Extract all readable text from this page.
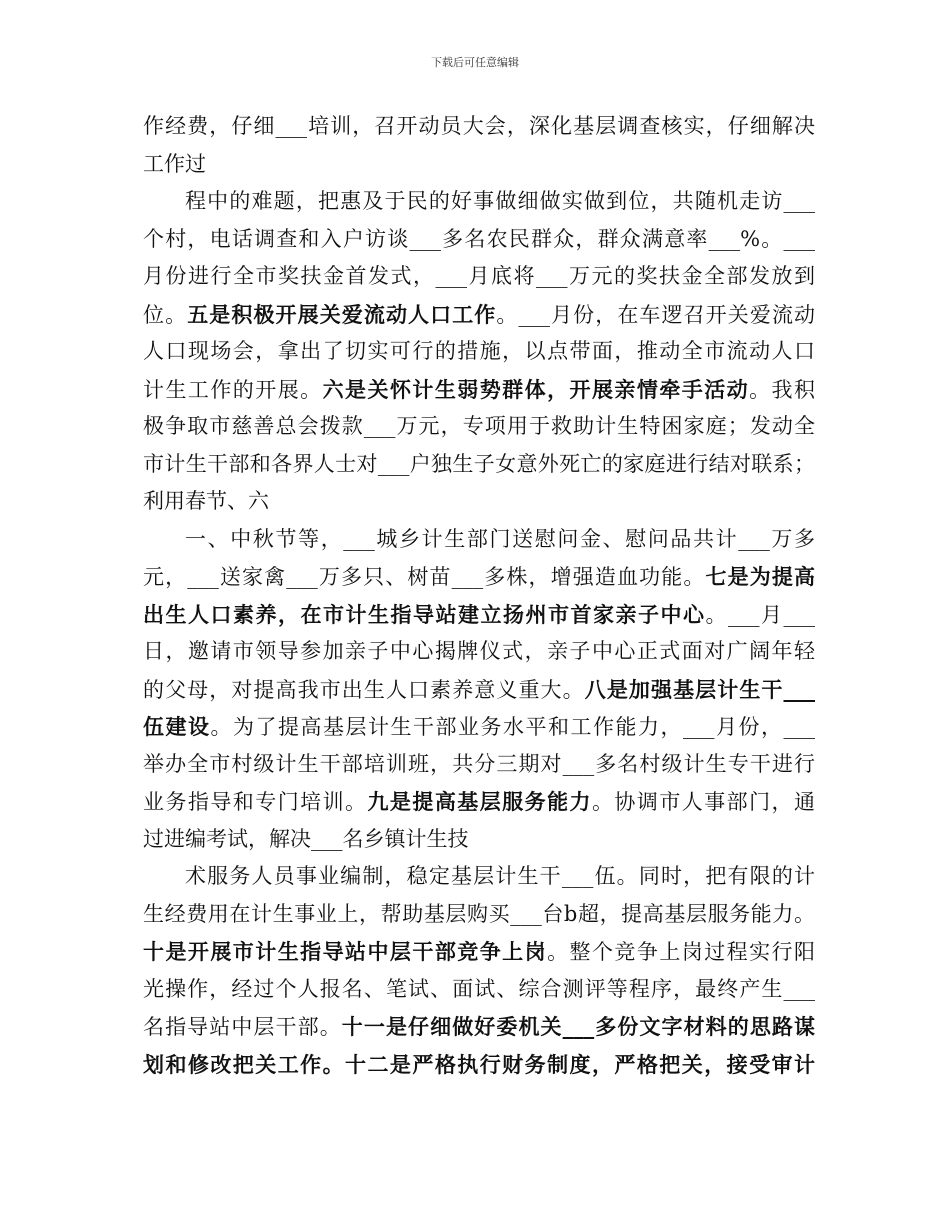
下载后可任意编辑
作经费，仔细___培训，召开动员大会，深化基层调查核实，仔细解决
工作过
程中的难题，把惠及于民的好事做细做实做到位，共随机走访___
个村，电话调查和入户访谈___多名农民群众，群众满意率___%。___
月份进行全市奖扶金首发式，___月底将___万元的奖扶金全部发放到
位。五是积极开展关爱流动人口工作。___月份，在车逻召开关爱流动
人口现场会，拿出了切实可行的措施，以点带面，推动全市流动人口
计生工作的开展。六是关怀计生弱势群体，开展亲情牵手活动。我积
极争取市慈善总会拨款___万元，专项用于救助计生特困家庭；发动全
市计生干部和各界人士对___户独生子女意外死亡的家庭进行结对联系；
利用春节、六
一、中秋节等，___城乡计生部门送慰问金、慰问品共计___万多
元，___送家禽___万多只、树苗___多株，增强造血功能。七是为提高
出生人口素养，在市计生指导站建立扬州市首家亲子中心。___月___
日，邀请市领导参加亲子中心揭牌仪式，亲子中心正式面对广阔年轻
的父母，对提高我市出生人口素养意义重大。八是加强基层计生干___
伍建设。为了提高基层计生干部业务水平和工作能力，___月份，___
举办全市村级计生干部培训班，共分三期对___多名村级计生专干进行
业务指导和专门培训。九是提高基层服务能力。协调市人事部门，通
过进编考试，解决___名乡镇计生技
术服务人员事业编制，稳定基层计生干___伍。同时，把有限的计
生经费用在计生事业上，帮助基层购买___台b超，提高基层服务能力。
十是开展市计生指导站中层干部竞争上岗。整个竞争上岗过程实行阳
光操作，经过个人报名、笔试、面试、综合测评等程序，最终产生___
名指导站中层干部。十一是仔细做好委机关___多份文字材料的思路谋
划和修改把关工作。十二是严格执行财务制度，严格把关，接受审计
